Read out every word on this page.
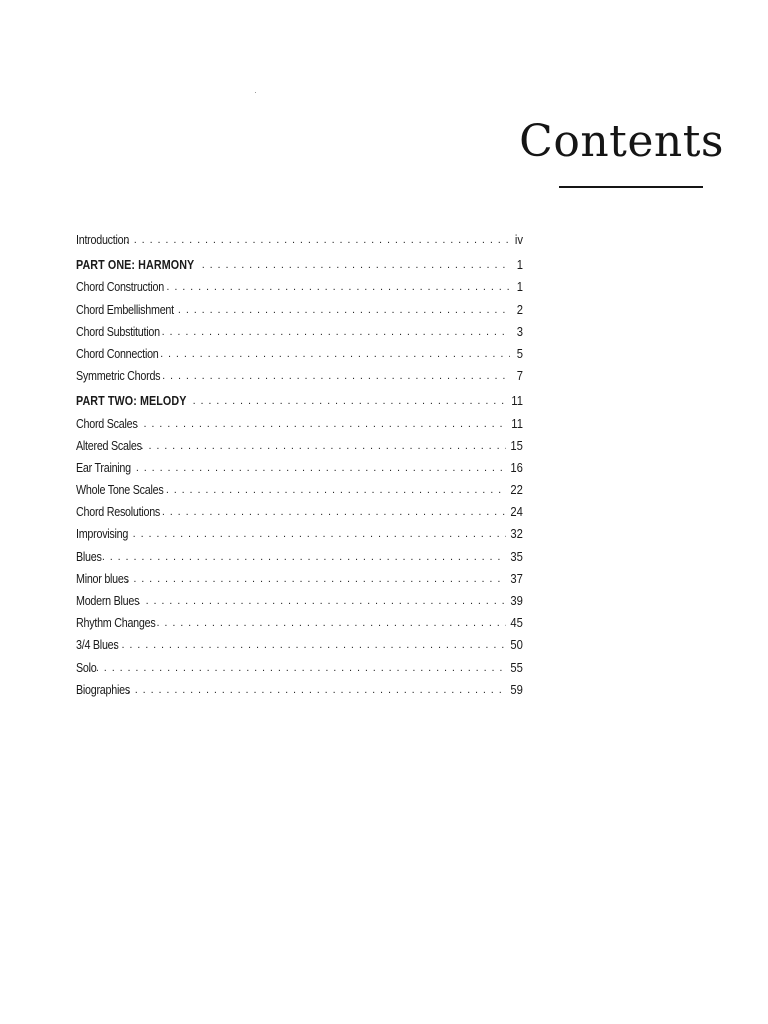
Contents
Introduction . . .	iv
PART ONE: HARMONY . . .	1
Chord Construction . . .	1
Chord Embellishment . . .	2
Chord Substitution . . .	3
Chord Connection . . .	5
Symmetric Chords . . .	7
PART TWO: MELODY . . .	11
Chord Scales . . .	11
Altered Scales . . .	15
Ear Training . . .	16
Whole Tone Scales . . .	22
Chord Resolutions . . .	24
Improvising . . .	32
Blues . . .	35
Minor blues . . .	37
Modern Blues . . .	39
Rhythm Changes . . .	45
3/4 Blues . . .	50
Solo . . .	55
Biographies . . .	59
